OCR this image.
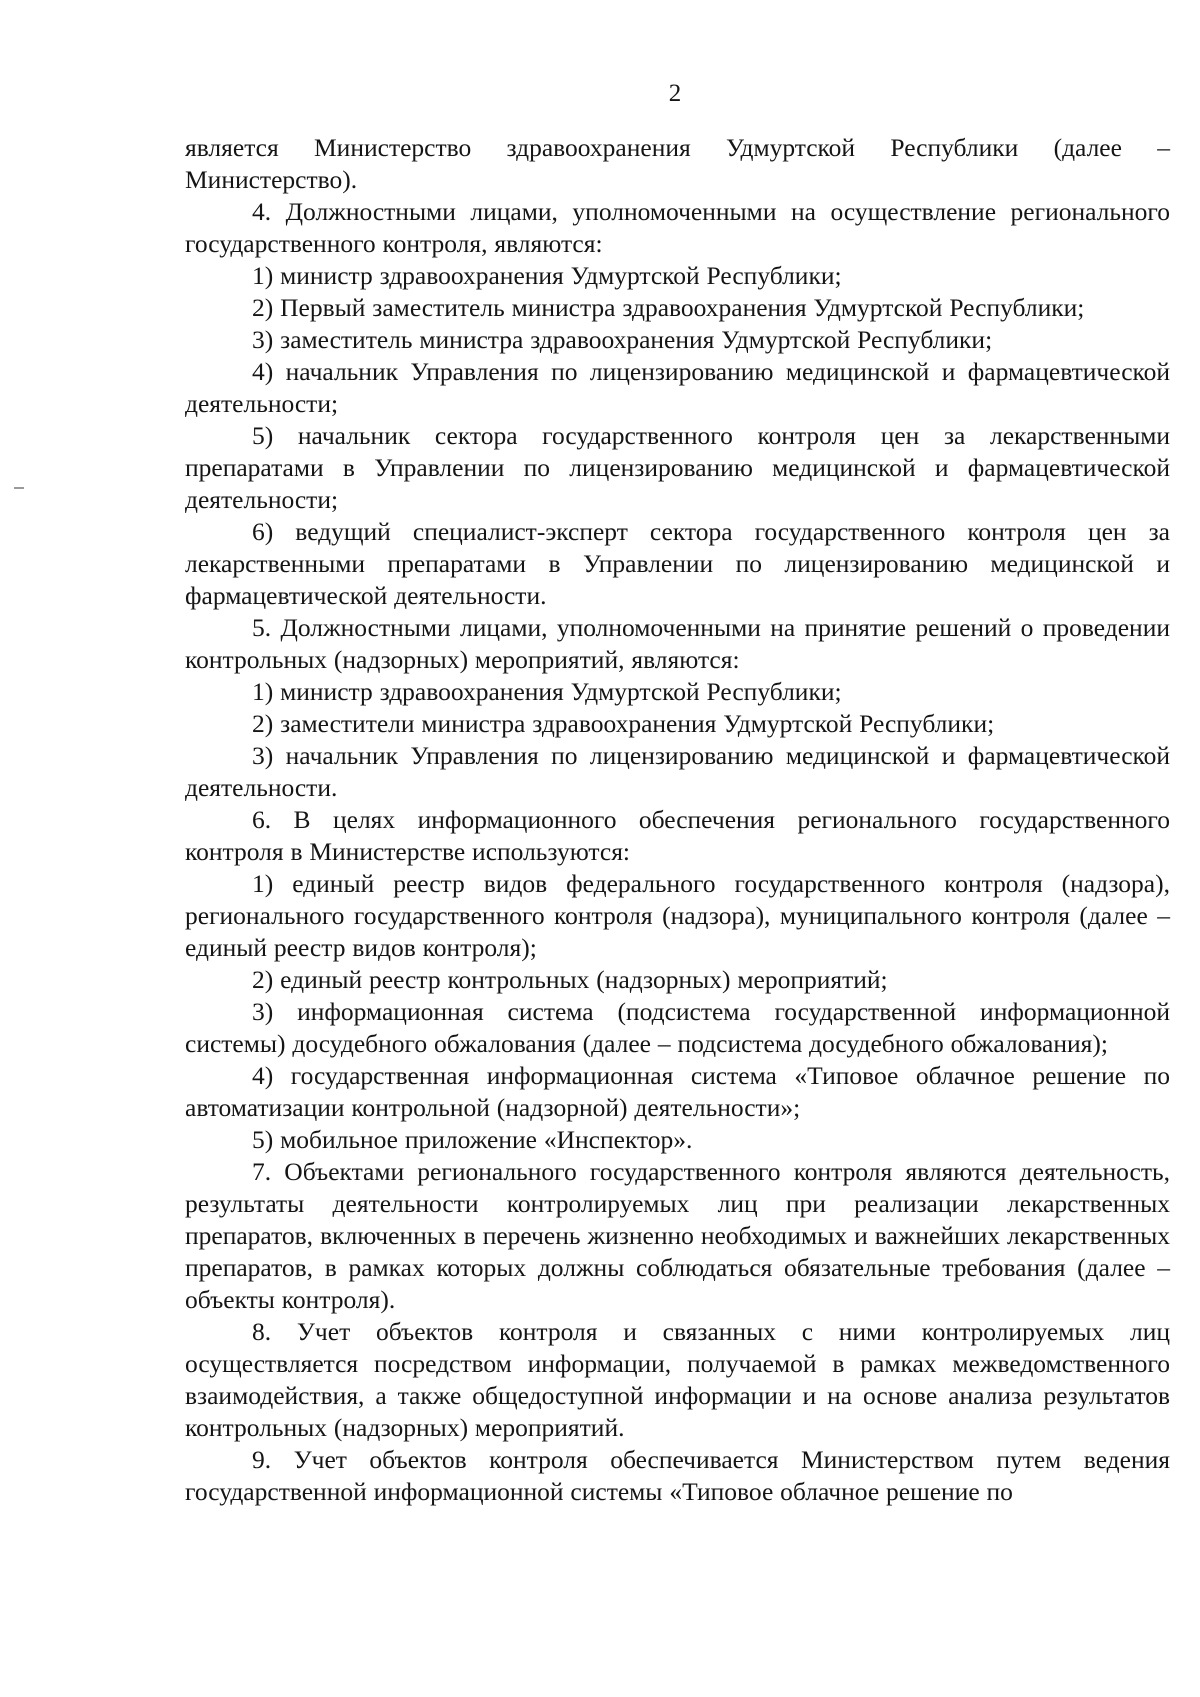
2

является Министерство здравоохранения Удмуртской Республики (далее – Министерство).

4. Должностными лицами, уполномоченными на осуществление регионального государственного контроля, являются:

1) министр здравоохранения Удмуртской Республики;

2) Первый заместитель министра здравоохранения Удмуртской Республики;

3) заместитель министра здравоохранения Удмуртской Республики;

4) начальник Управления по лицензированию медицинской и фармацевтической деятельности;

5) начальник сектора государственного контроля цен за лекарственными препаратами в Управлении по лицензированию медицинской и фармацевтической деятельности;

6) ведущий специалист-эксперт сектора государственного контроля цен за лекарственными препаратами в Управлении по лицензированию медицинской и фармацевтической деятельности.

5. Должностными лицами, уполномоченными на принятие решений о проведении контрольных (надзорных) мероприятий, являются:

1) министр здравоохранения Удмуртской Республики;

2) заместители министра здравоохранения Удмуртской Республики;

3) начальник Управления по лицензированию медицинской и фармацевтической деятельности.

6. В целях информационного обеспечения регионального государственного контроля в Министерстве используются:

1) единый реестр видов федерального государственного контроля (надзора), регионального государственного контроля (надзора), муниципального контроля (далее – единый реестр видов контроля);

2) единый реестр контрольных (надзорных) мероприятий;

3) информационная система (подсистема государственной информационной системы) досудебного обжалования (далее – подсистема досудебного обжалования);

4) государственная информационная система «Типовое облачное решение по автоматизации контрольной (надзорной) деятельности»;

5) мобильное приложение «Инспектор».

7. Объектами регионального государственного контроля являются деятельность, результаты деятельности контролируемых лиц при реализации лекарственных препаратов, включенных в перечень жизненно необходимых и важнейших лекарственных препаратов, в рамках которых должны соблюдаться обязательные требования (далее – объекты контроля).

8. Учет объектов контроля и связанных с ними контролируемых лиц осуществляется посредством информации, получаемой в рамках межведомственного взаимодействия, а также общедоступной информации и на основе анализа результатов контрольных (надзорных) мероприятий.

9. Учет объектов контроля обеспечивается Министерством путем ведения государственной информационной системы «Типовое облачное решение по
